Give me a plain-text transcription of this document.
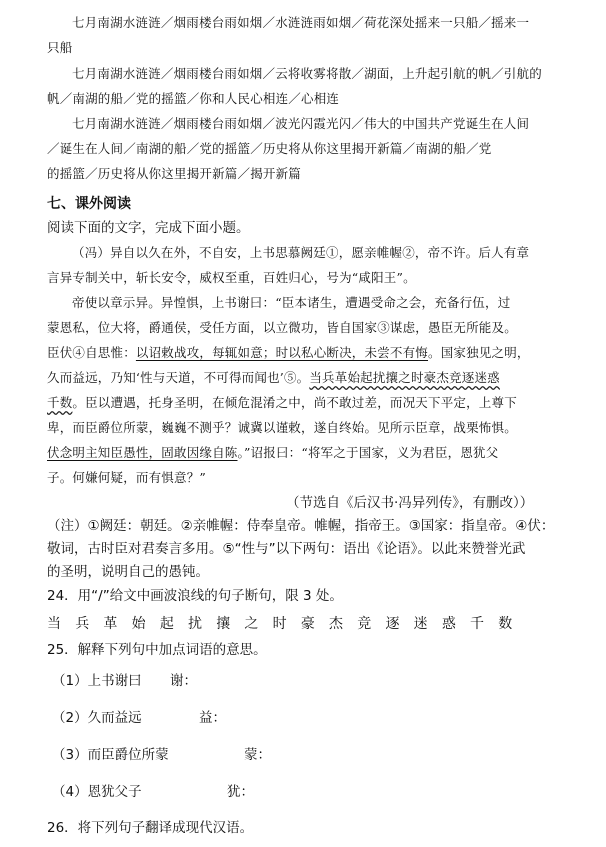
七月南湖水涟涟／烟雨楼台雨如烟／水涟涟雨如烟／荷花深处摇来一只船／摇来一
只船
七月南湖水涟涟／烟雨楼台雨如烟／云将收雾将散／湖面，上升起引航的帆／引航的
帆／南湖的船／党的摇篮／你和人民心相连／心相连
七月南湖水涟涟／烟雨楼台雨如烟／波光闪霞光闪／伟大的中国共产党诞生在人间
／诞生在人间／南湖的船／党的摇篮／历史将从你这里揭开新篇／南湖的船／党
的摇篮／历史将从你这里揭开新篇／揭开新篇
七、课外阅读
阅读下面的文字，完成下面小题。
（冯）异自以久在外，不自安，上书思慕阙廷①，愿亲帷幄②，帝不许。后人有章
言异专制关中，斩长安令，威权至重，百姓归心，号为“咸阳王”。
帝使以章示异。异惶惧，上书谢曰：“臣本诸生，遭遇受命之会，充备行伍，过
蒙恩私，位大将，爵通侯，受任方面，以立微功，皆自国家③谋虑，愚臣无所能及。
臣伏④自思惟：以诏敕战攻，每辄如意；时以私心断决，未尝不有悔。国家独见之明，
久而益远，乃知‘性与天道，不可得而闻也’⑤。当兵革始起扰攘之时豪杰竞逐迷惑
千数。臣以遭遇，托身圣明，在倾危混淆之中，尚不敢过差，而况天下平定，上尊下
卑，而臣爵位所蒙，巍巍不测乎？诚冀以谨敕，遂自终始。见所示臣章，战栗怖惧。
伏念明主知臣愚性，固敢因缘自陈。”诏报曰：“将军之于国家，义为君臣，恩犹父
子。何嫌何疑，而有惧意？”
（节选自《后汉书·冯异列传》，有删改））
（注）①阙廷：朝廷。②亲帷幄：侍奉皇帝。帷幄，指帝王。③国家：指皇帝。④伏：
敬词，古时臣对君奏言多用。⑤“性与”以下两句：语出《论语》。以此来赞誉光武
的圣明，说明自己的愚钝。
24．用“/”给文中画波浪线的句子断句，限 3 处。
当兵革始起扰攘之时豪杰竞逐迷惑千数
25．解释下列句中加点词语的意思。
（1）上书谢曰 谢：
（2）久而益远	益：
（3）而臣爵位所蒙	蒙：
（4）恩犹父子	犹：
26．将下列句子翻译成现代汉语。
